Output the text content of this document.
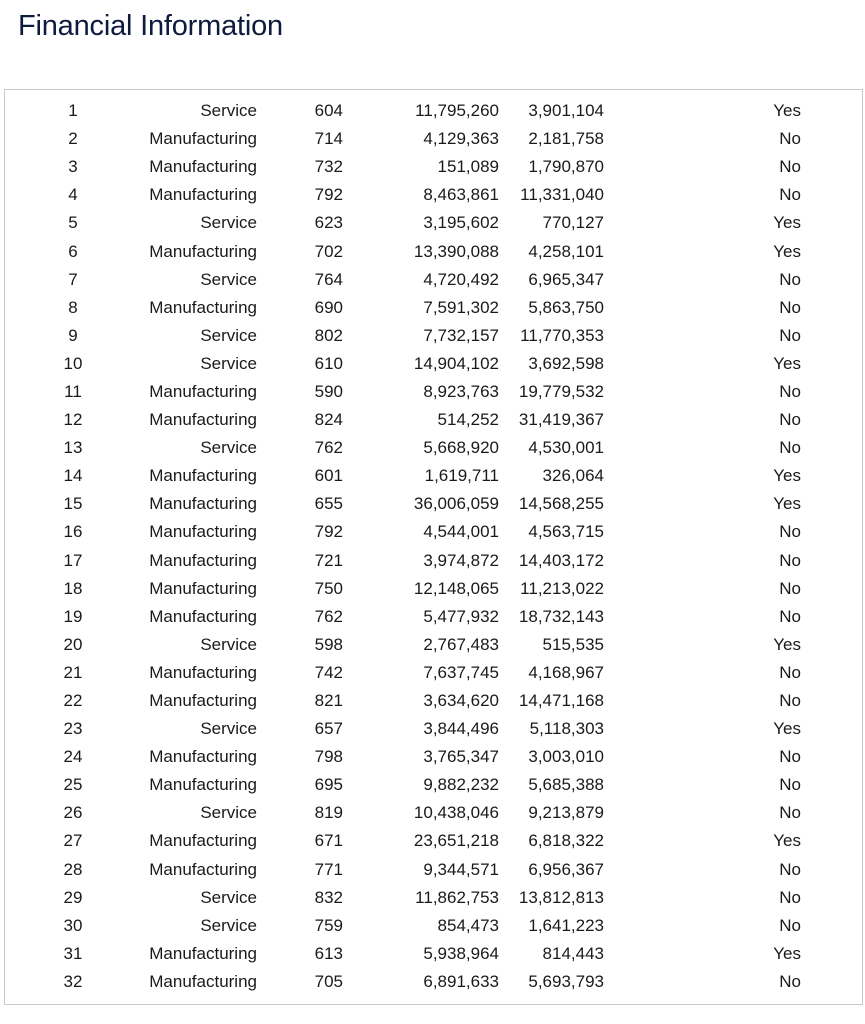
Financial Information
1	Service	604	11,795,260	3,901,104	Yes
2	Manufacturing	714	4,129,363	2,181,758	No
3	Manufacturing	732	151,089	1,790,870	No
4	Manufacturing	792	8,463,861	11,331,040	No
5	Service	623	3,195,602	770,127	Yes
6	Manufacturing	702	13,390,088	4,258,101	Yes
7	Service	764	4,720,492	6,965,347	No
8	Manufacturing	690	7,591,302	5,863,750	No
9	Service	802	7,732,157	11,770,353	No
10	Service	610	14,904,102	3,692,598	Yes
11	Manufacturing	590	8,923,763	19,779,532	No
12	Manufacturing	824	514,252	31,419,367	No
13	Service	762	5,668,920	4,530,001	No
14	Manufacturing	601	1,619,711	326,064	Yes
15	Manufacturing	655	36,006,059	14,568,255	Yes
16	Manufacturing	792	4,544,001	4,563,715	No
17	Manufacturing	721	3,974,872	14,403,172	No
18	Manufacturing	750	12,148,065	11,213,022	No
19	Manufacturing	762	5,477,932	18,732,143	No
20	Service	598	2,767,483	515,535	Yes
21	Manufacturing	742	7,637,745	4,168,967	No
22	Manufacturing	821	3,634,620	14,471,168	No
23	Service	657	3,844,496	5,118,303	Yes
24	Manufacturing	798	3,765,347	3,003,010	No
25	Manufacturing	695	9,882,232	5,685,388	No
26	Service	819	10,438,046	9,213,879	No
27	Manufacturing	671	23,651,218	6,818,322	Yes
28	Manufacturing	771	9,344,571	6,956,367	No
29	Service	832	11,862,753	13,812,813	No
30	Service	759	854,473	1,641,223	No
31	Manufacturing	613	5,938,964	814,443	Yes
32	Manufacturing	705	6,891,633	5,693,793	No
